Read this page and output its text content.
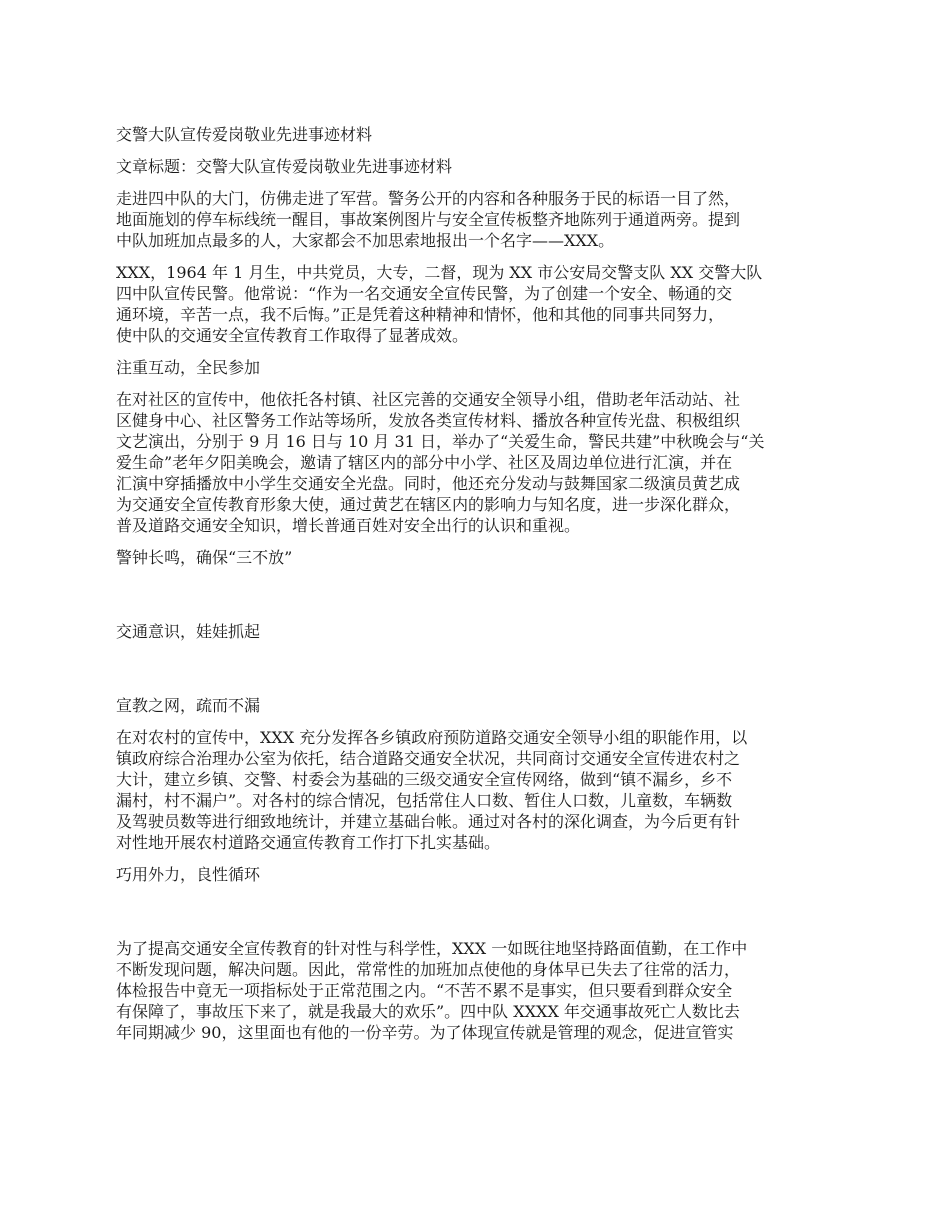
交警大队宣传爱岗敬业先进事迹材料

文章标题：交警大队宣传爱岗敬业先进事迹材料

走进四中队的大门，仿佛走进了军营。警务公开的内容和各种服务于民的标语一目了然，

地面施划的停车标线统一醒目，事故案例图片与安全宣传板整齐地陈列于通道两旁。提到

中队加班加点最多的人，大家都会不加思索地报出一个名字——XXX。

XXX，1964 年 1 月生，中共党员，大专，二督，现为 XX 市公安局交警支队 XX 交警大队

四中队宣传民警。他常说：“作为一名交通安全宣传民警，为了创建一个安全、畅通的交

通环境，辛苦一点，我不后悔。”正是凭着这种精神和情怀，他和其他的同事共同努力，

使中队的交通安全宣传教育工作取得了显著成效。

注重互动，全民参加

在对社区的宣传中，他依托各村镇、社区完善的交通安全领导小组，借助老年活动站、社

区健身中心、社区警务工作站等场所，发放各类宣传材料、播放各种宣传光盘、积极组织

文艺演出，分别于 9 月 16 日与 10 月 31 日，举办了“关爱生命，警民共建”中秋晚会与“关

爱生命”老年夕阳美晚会，邀请了辖区内的部分中小学、社区及周边单位进行汇演，并在

汇演中穿插播放中小学生交通安全光盘。同时，他还充分发动与鼓舞国家二级演员黄艺成

为交通安全宣传教育形象大使，通过黄艺在辖区内的影响力与知名度，进一步深化群众，

普及道路交通安全知识，增长普通百姓对安全出行的认识和重视。

警钟长鸣，确保“三不放”

交通意识，娃娃抓起

宣教之网，疏而不漏

在对农村的宣传中，XXX 充分发挥各乡镇政府预防道路交通安全领导小组的职能作用，以

镇政府综合治理办公室为依托，结合道路交通安全状况，共同商讨交通安全宣传进农村之

大计，建立乡镇、交警、村委会为基础的三级交通安全宣传网络，做到“镇不漏乡，乡不

漏村，村不漏户”。对各村的综合情况，包括常住人口数、暂住人口数，儿童数，车辆数

及驾驶员数等进行细致地统计，并建立基础台帐。通过对各村的深化调查，为今后更有针

对性地开展农村道路交通宣传教育工作打下扎实基础。

巧用外力，良性循环

为了提高交通安全宣传教育的针对性与科学性，XXX 一如既往地坚持路面值勤，在工作中

不断发现问题，解决问题。因此，常常性的加班加点使他的身体早已失去了往常的活力，

体检报告中竟无一项指标处于正常范围之内。“不苦不累不是事实，但只要看到群众安全

有保障了，事故压下来了，就是我最大的欢乐”。四中队 XXXX 年交通事故死亡人数比去

年同期减少 90，这里面也有他的一份辛劳。为了体现宣传就是管理的观念，促进宣管实
